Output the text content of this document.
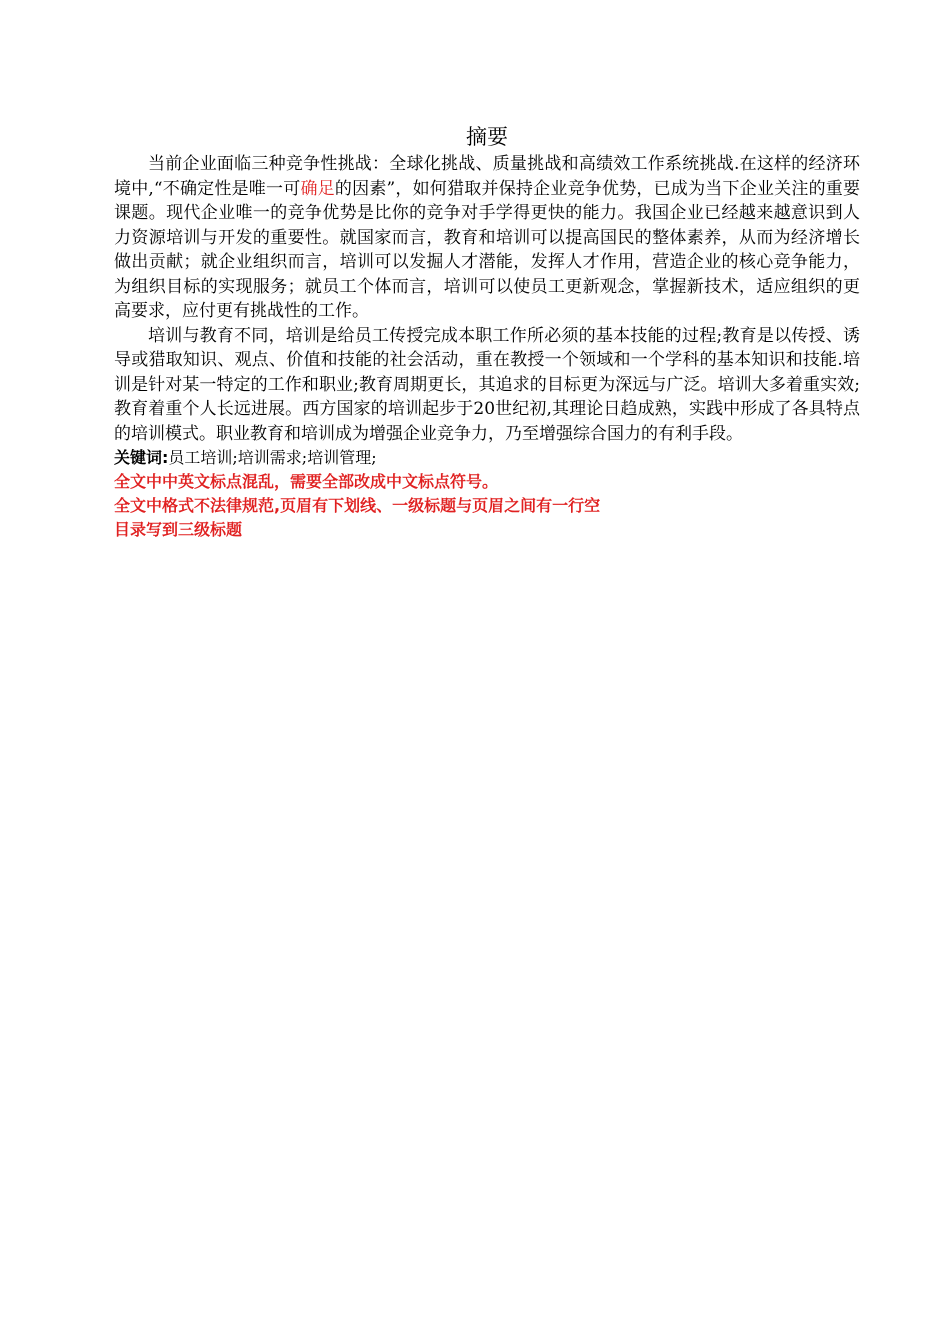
摘要

当前企业面临三种竞争性挑战：全球化挑战、质量挑战和高绩效工作系统挑战.在这样的经济环境中,“不确定性是唯一可确足的因素”，如何猎取并保持企业竞争优势，已成为当下企业关注的重要课题。现代企业唯一的竞争优势是比你的竞争对手学得更快的能力。我国企业已经越来越意识到人力资源培训与开发的重要性。就国家而言，教育和培训可以提高国民的整体素养，从而为经济增长做出贡献；就企业组织而言，培训可以发掘人才潜能，发挥人才作用，营造企业的核心竞争能力，为组织目标的实现服务；就员工个体而言，培训可以使员工更新观念，掌握新技术，适应组织的更高要求，应付更有挑战性的工作。

培训与教育不同，培训是给员工传授完成本职工作所必须的基本技能的过程;教育是以传授、诱导或猎取知识、观点、价值和技能的社会活动，重在教授一个领域和一个学科的基本知识和技能.培训是针对某一特定的工作和职业;教育周期更长，其追求的目标更为深远与广泛。培训大多着重实效;教育着重个人长远进展。西方国家的培训起步于20世纪初,其理论日趋成熟，实践中形成了各具特点的培训模式。职业教育和培训成为增强企业竞争力，乃至增强综合国力的有利手段。

关键词:员工培训;培训需求;培训管理;

全文中中英文标点混乱，需要全部改成中文标点符号。

全文中格式不法律规范,页眉有下划线、一级标题与页眉之间有一行空

目录写到三级标题
